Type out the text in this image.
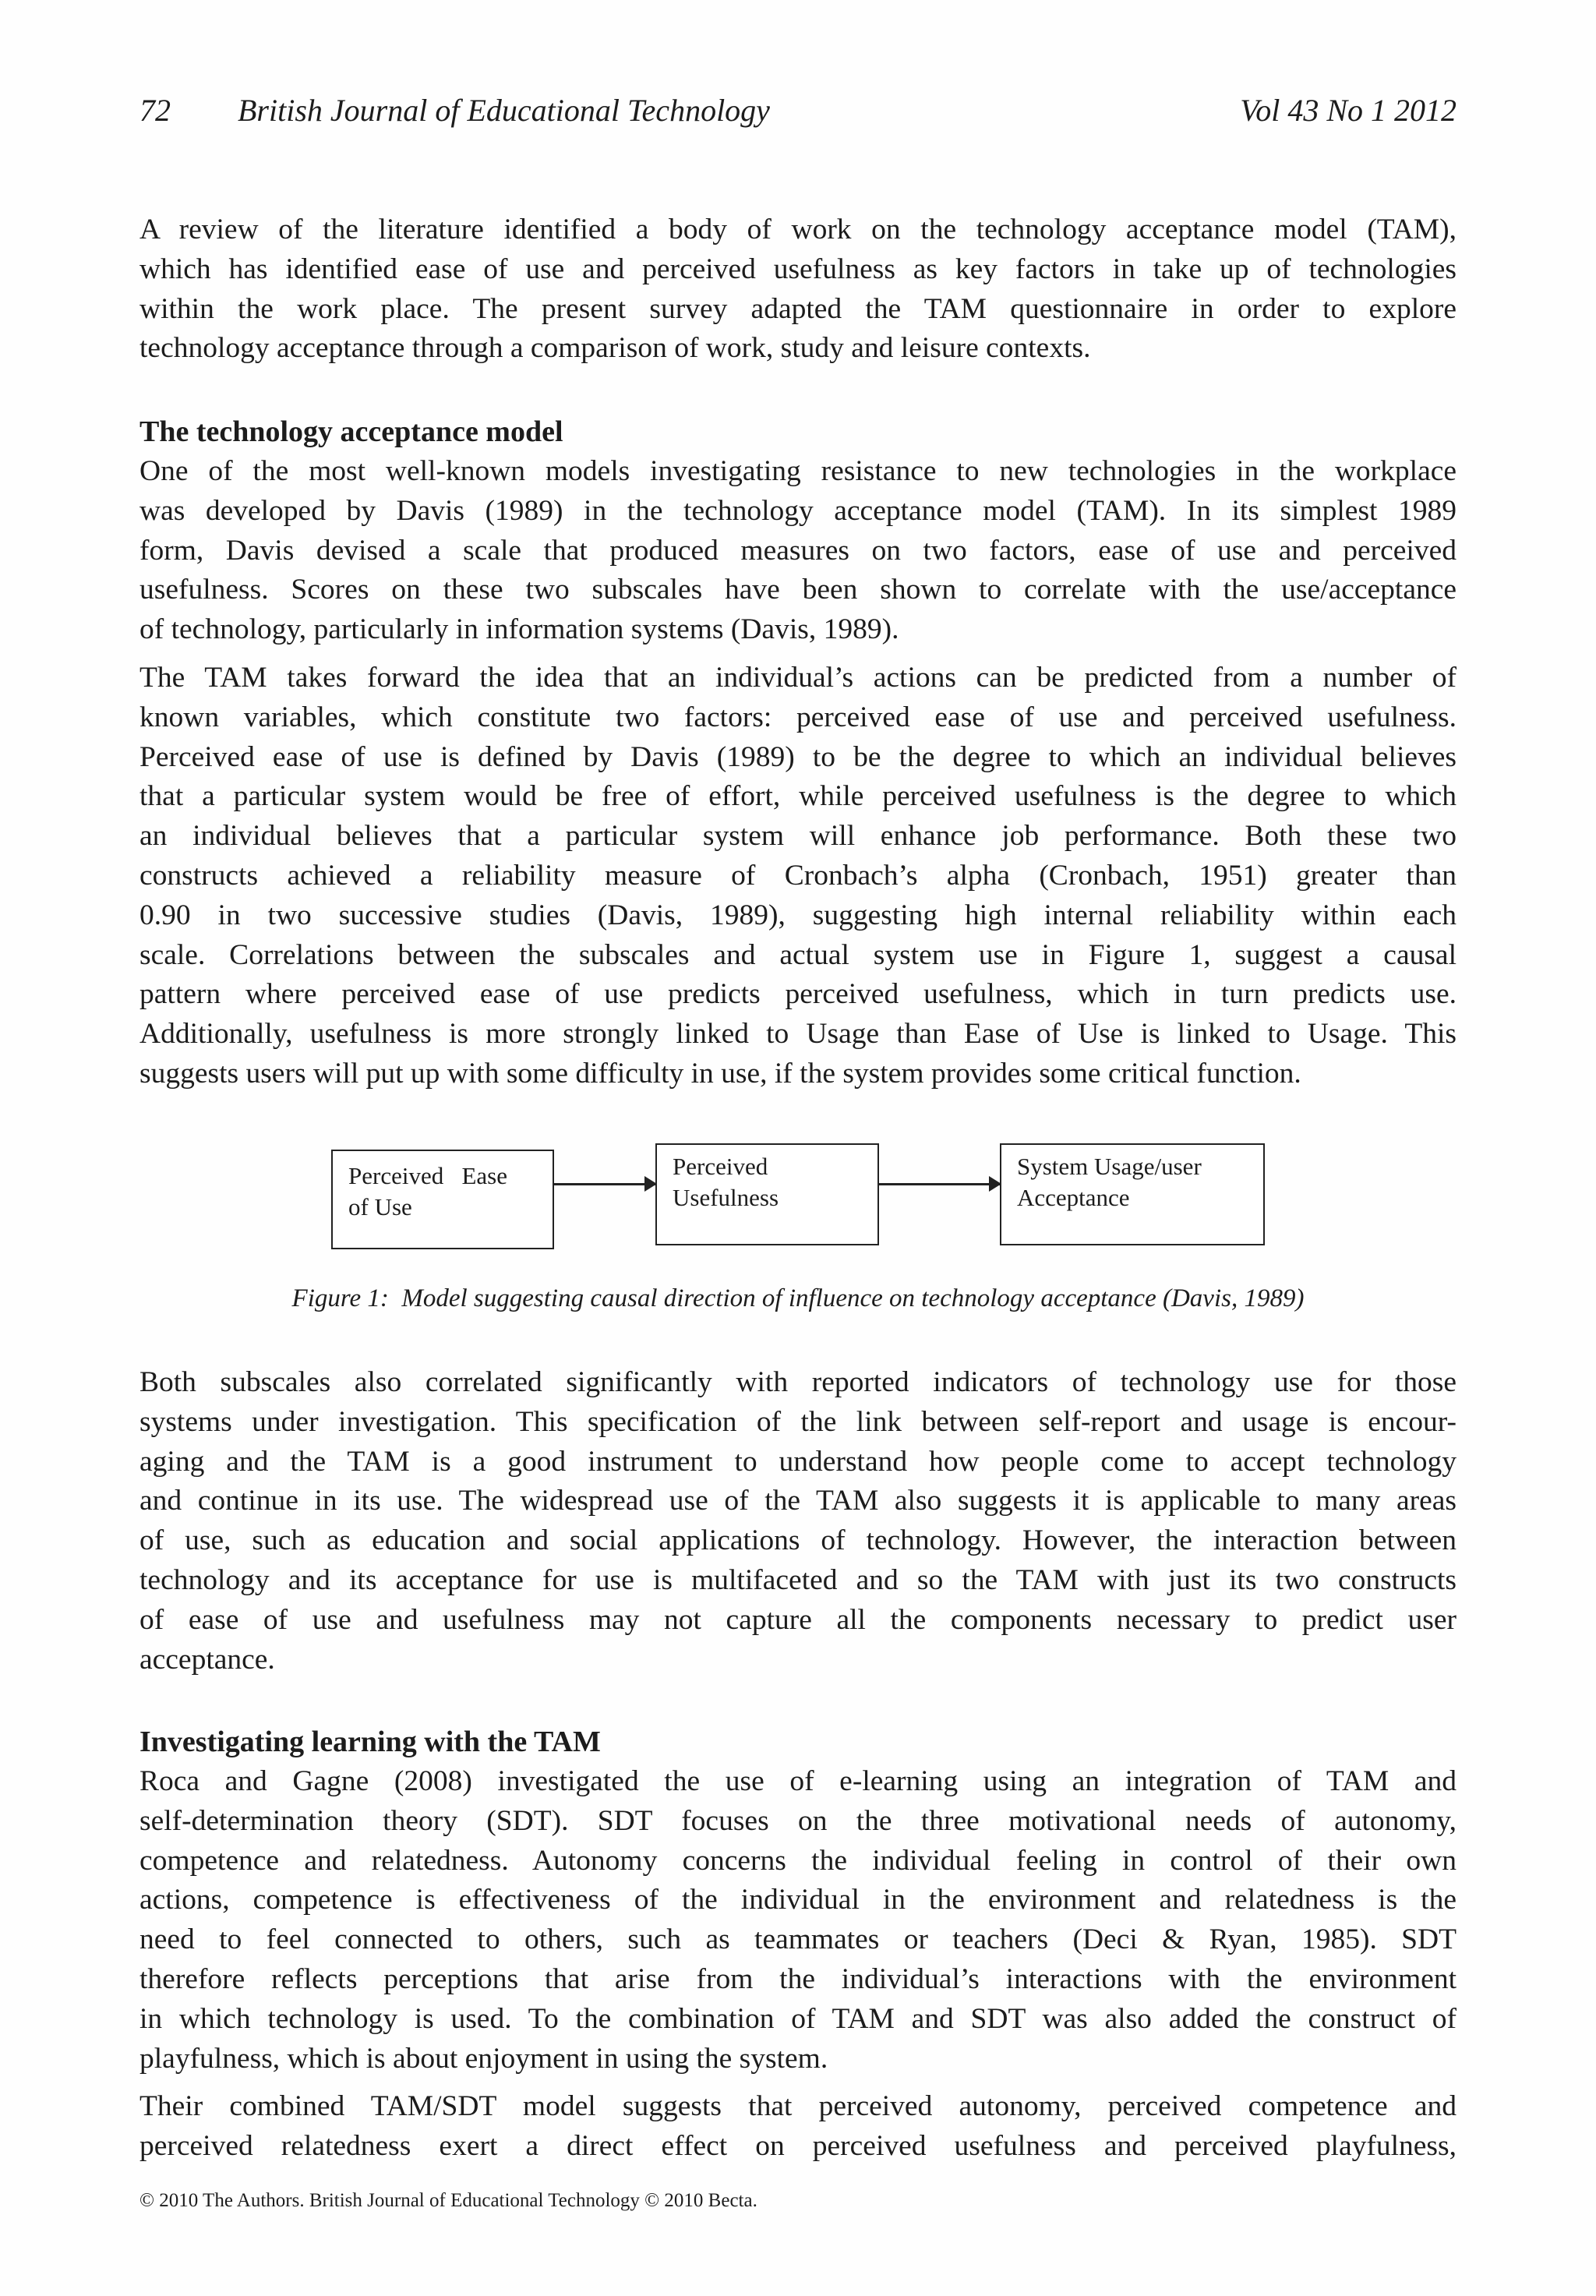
72 British Journal of Educational Technology	Vol 43 No 1 2012
A review of the literature identified a body of work on the technology acceptance model (TAM),
which has identified ease of use and perceived usefulness as key factors in take up of technologies
within the work place. The present survey adapted the TAM questionnaire in order to explore
technology acceptance through a comparison of work, study and leisure contexts.
The technology acceptance model
One of the most well-known models investigating resistance to new technologies in the workplace
was developed by Davis (1989) in the technology acceptance model (TAM). In its simplest 1989
form, Davis devised a scale that produced measures on two factors, ease of use and perceived
usefulness. Scores on these two subscales have been shown to correlate with the use/acceptance
of technology, particularly in information systems (Davis, 1989).
The TAM takes forward the idea that an individual’s actions can be predicted from a number of
known variables, which constitute two factors: perceived ease of use and perceived usefulness.
Perceived ease of use is defined by Davis (1989) to be the degree to which an individual believes
that a particular system would be free of effort, while perceived usefulness is the degree to which
an individual believes that a particular system will enhance job performance. Both these two
constructs achieved a reliability measure of Cronbach’s alpha (Cronbach, 1951) greater than
0.90 in two successive studies (Davis, 1989), suggesting high internal reliability within each
scale. Correlations between the subscales and actual system use in Figure 1, suggest a causal
pattern where perceived ease of use predicts perceived usefulness, which in turn predicts use.
Additionally, usefulness is more strongly linked to Usage than Ease of Use is linked to Usage. This
suggests users will put up with some difficulty in use, if the system provides some critical function.
Perceived   Ease
of Use
Perceived
Usefulness
System Usage/user
Acceptance
Figure 1:  Model suggesting causal direction of influence on technology acceptance (Davis, 1989)
Both subscales also correlated significantly with reported indicators of technology use for those
systems under investigation. This specification of the link between self-report and usage is encour-
aging and the TAM is a good instrument to understand how people come to accept technology
and continue in its use. The widespread use of the TAM also suggests it is applicable to many areas
of use, such as education and social applications of technology. However, the interaction between
technology and its acceptance for use is multifaceted and so the TAM with just its two constructs
of ease of use and usefulness may not capture all the components necessary to predict user
acceptance.
Investigating learning with the TAM
Roca and Gagne (2008) investigated the use of e-learning using an integration of TAM and
self-determination theory (SDT). SDT focuses on the three motivational needs of autonomy,
competence and relatedness. Autonomy concerns the individual feeling in control of their own
actions, competence is effectiveness of the individual in the environment and relatedness is the
need to feel connected to others, such as teammates or teachers (Deci & Ryan, 1985). SDT
therefore reflects perceptions that arise from the individual’s interactions with the environment
in which technology is used. To the combination of TAM and SDT was also added the construct of
playfulness, which is about enjoyment in using the system.
Their combined TAM/SDT model suggests that perceived autonomy, perceived competence and
perceived relatedness exert a direct effect on perceived usefulness and perceived playfulness,
© 2010 The Authors. British Journal of Educational Technology © 2010 Becta.
